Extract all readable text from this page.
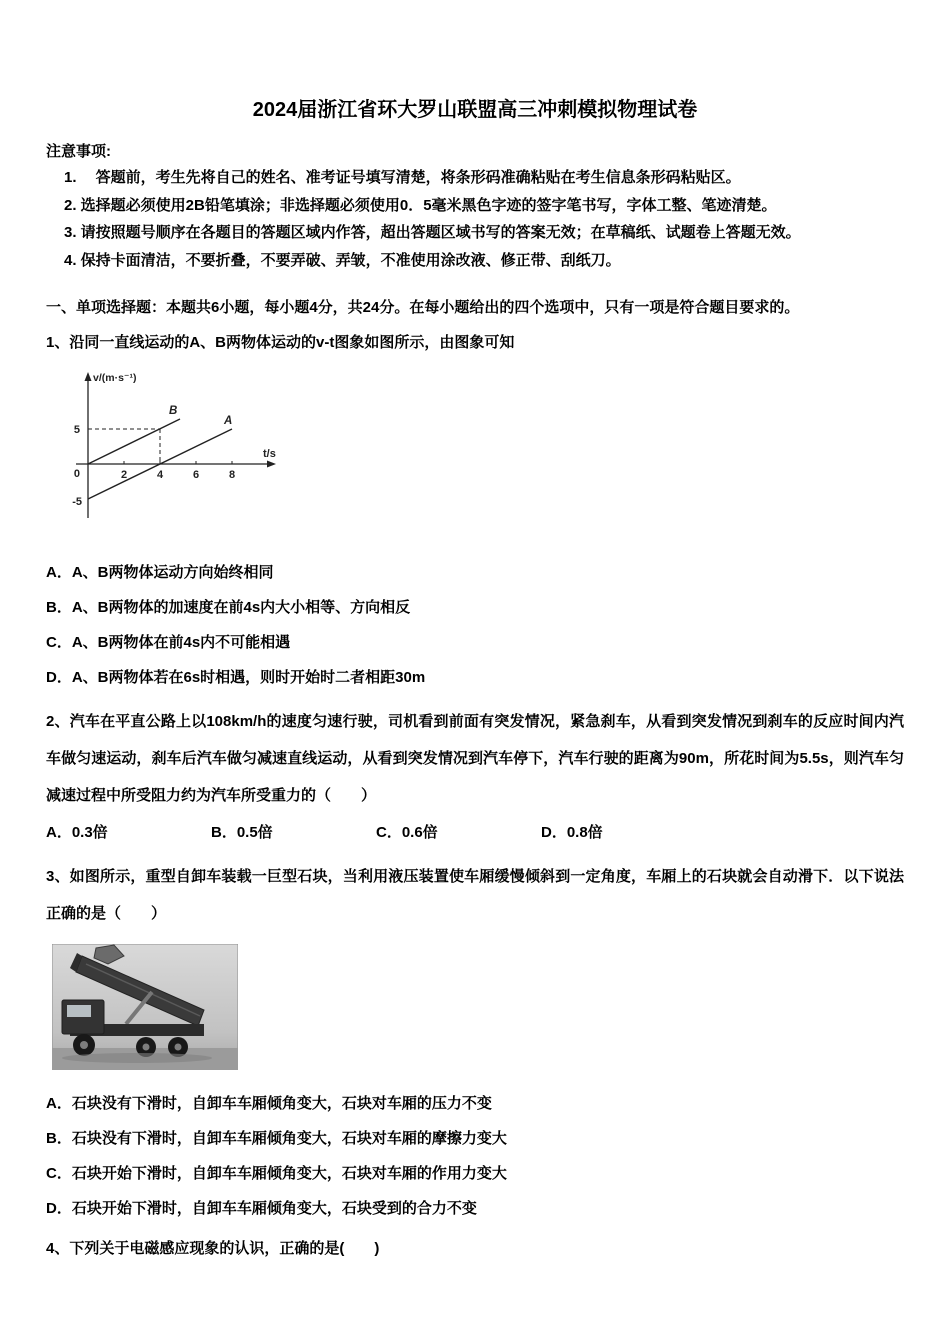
2024届浙江省环大罗山联盟高三冲刺模拟物理试卷
注意事项:
1.　 答题前，考生先将自己的姓名、准考证号填写清楚，将条形码准确粘贴在考生信息条形码粘贴区。
2. 选择题必须使用2B铅笔填涂；非选择题必须使用0．5毫米黑色字迹的签字笔书写，字体工整、笔迹清楚。
3. 请按照题号顺序在各题目的答题区域内作答，超出答题区域书写的答案无效；在草稿纸、试题卷上答题无效。
4. 保持卡面清洁，不要折叠，不要弄破、弄皱，不准使用涂改液、修正带、刮纸刀。
一、单项选择题：本题共6小题，每小题4分，共24分。在每小题给出的四个选项中，只有一项是符合题目要求的。
1、沿同一直线运动的A、B两物体运动的v-t图象如图所示，由图象可知
v/(m·s⁻¹)
t/s
5
-5
0	2	4	6	8
B
A
A．A、B两物体运动方向始终相同
B．A、B两物体的加速度在前4s内大小相等、方向相反
C．A、B两物体在前4s内不可能相遇
D．A、B两物体若在6s时相遇，则时开始时二者相距30m
2、汽车在平直公路上以108km/h的速度匀速行驶，司机看到前面有突发情况，紧急刹车，从看到突发情况到刹车的反应时间内汽车做匀速运动，刹车后汽车做匀减速直线运动，从看到突发情况到汽车停下，汽车行驶的距离为90m，所花时间为5.5s，则汽车匀减速过程中所受阻力约为汽车所受重力的（　　）
A．0.3倍	B．0.5倍	C．0.6倍	D．0.8倍
3、如图所示，重型自卸车装载一巨型石块，当利用液压装置使车厢缓慢倾斜到一定角度，车厢上的石块就会自动滑下．以下说法正确的是（　　）
A．石块没有下滑时，自卸车车厢倾角变大，石块对车厢的压力不变
B．石块没有下滑时，自卸车车厢倾角变大，石块对车厢的摩擦力变大
C．石块开始下滑时，自卸车车厢倾角变大，石块对车厢的作用力变大
D．石块开始下滑时，自卸车车厢倾角变大，石块受到的合力不变
4、下列关于电磁感应现象的认识，正确的是(　　)
